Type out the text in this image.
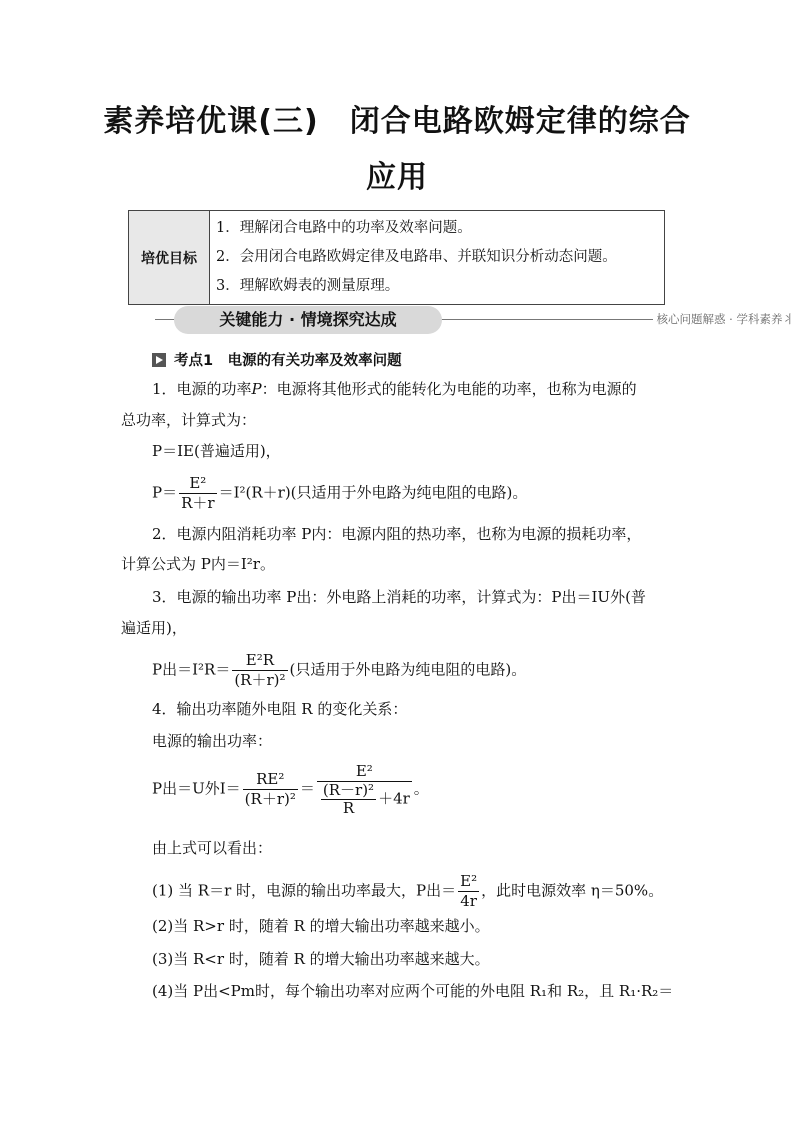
素养培优课(三)　闭合电路欧姆定律的综合
应用
培优目标	
1．理解闭合电路中的功率及效率问题。
2．会用闭合电路欧姆定律及电路串、并联知识分析动态问题。
3．理解欧姆表的测量原理。
关键能力 · 情境探究达成	核心问题解惑 · 学科素养丬
考点1　电源的有关功率及效率问题
1．电源的功率P：电源将其他形式的能转化为电能的功率，也称为电源的
总功率，计算式为：
P＝IE(普遍适用)，
$P= \frac{\text{E²}}{R+r} =I^2(R+r)$(只适用于外电路为纯电阻的电路)。
2．电源内阻消耗功率 P内：电源内阻的热功率，也称为电源的损耗功率，
计算公式为 P内＝I²r。
3．电源的输出功率 P出：外电路上消耗的功率，计算式为：P出＝IU外(普
遍适用)，
P出$=I^2R= \frac{\text{E²R}}{\text{(R＋r)²}}$ (只适用于外电路为纯电阻的电路)。
4．输出功率随外电阻 R 的变化关系：
电源的输出功率：
P出＝U外$I= \frac{\text{RE²}}{\text{(R＋r)²}} = \frac{\text{E²}}{\frac{\text{(R－r)²}}{R} +4r}$ 。
由上式可以看出：
(1) 当 R＝r 时，电源的输出功率最大，P出＝ $\frac{\text{E²}}{4r}$ ，此时电源效率 η＝50%。
(2)当 R>r 时，随着 R 的增大输出功率越来越小。
(3)当 R<r 时，随着 R 的增大输出功率越来越大。
(4)当 P出<Pm时，每个输出功率对应两个可能的外电阻 R₁和 R₂，且 R₁·R₂＝
